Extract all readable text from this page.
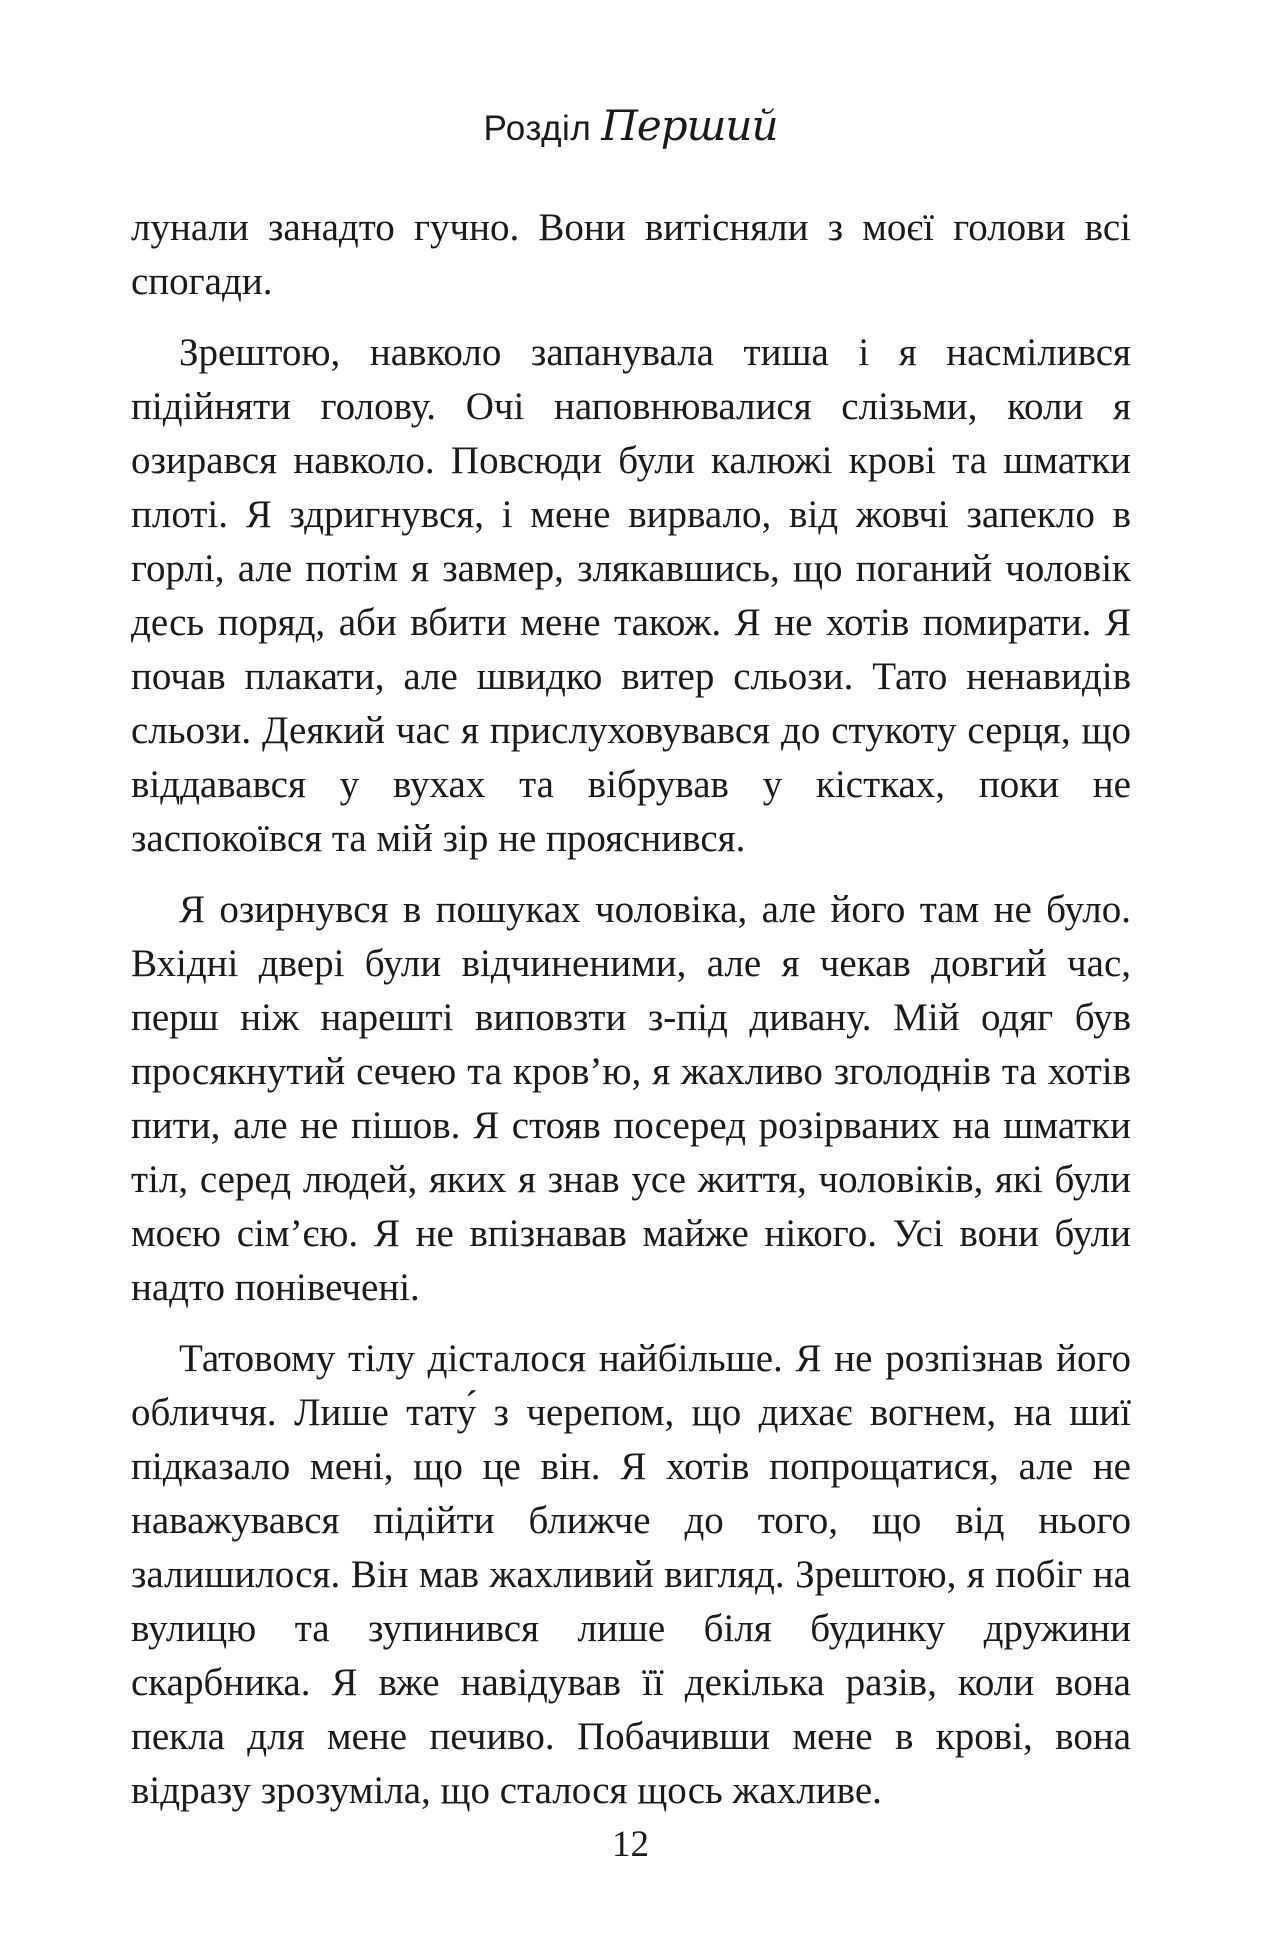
Розділ Перший

лунали занадто гучно. Вони витісняли з моєї голови всі спогади.

Зрештою, навколо запанувала тиша і я насмілився підійняти голову. Очі наповнювалися слізьми, коли я озирався навколо. Повсюди були калюжі крові та шматки плоті. Я здригнувся, і мене вирвало, від жовчі запекло в горлі, але потім я завмер, злякавшись, що поганий чоловік десь поряд, аби вбити мене також. Я не хотів помирати. Я почав плакати, але швидко витер сльози. Тато ненавидів сльози. Деякий час я прислуховувався до стукоту серця, що віддавався у вухах та вібрував у кістках, поки не заспокоївся та мій зір не прояснився.

Я озирнувся в пошуках чоловіка, але його там не було. Вхідні двері були відчиненими, але я чекав довгий час, перш ніж нарешті виповзти з-під дивану. Мій одяг був просякнутий сечею та кров’ю, я жахливо зголоднів та хотів пити, але не пішов. Я стояв посеред розірваних на шматки тіл, серед людей, яких я знав усе життя, чоловіків, які були моєю сім’єю. Я не впізнавав майже нікого. Усі вони були надто понівечені.

Татовому тілу дісталося найбільше. Я не розпізнав його обличчя. Лише тату́ з черепом, що дихає вогнем, на шиї підказало мені, що це він. Я хотів попрощатися, але не наважувався підійти ближче до того, що від нього залишилося. Він мав жахливий вигляд. Зрештою, я побіг на вулицю та зупинився лише біля будинку дружини скарбника. Я вже навідував її декілька разів, коли вона пекла для мене печиво. Побачивши мене в крові, вона відразу зрозуміла, що сталося щось жахливе.

12
